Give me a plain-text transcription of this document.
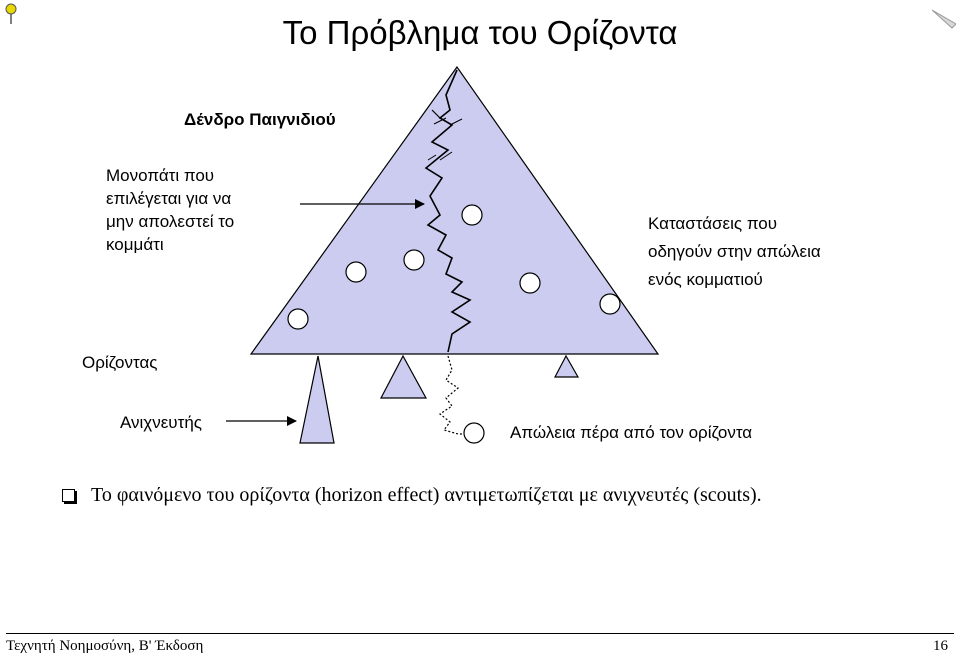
Το Πρόβλημα του Ορίζοντα
Δένδρο Παιγνιδιού
Μονοπάτι που
επιλέγεται για να
μην απολεστεί το
κομμάτι
Καταστάσεις που
οδηγούν στην απώλεια
ενός κομματιού
Ορίζοντας
Ανιχνευτής
Απώλεια πέρα από τον ορίζοντα
Το φαινόμενο του ορίζοντα (horizon effect) αντιμετωπίζεται με ανιχνευτές (scouts).
Τεχνητή Νοημοσύνη, Β' Έκδοση	16
